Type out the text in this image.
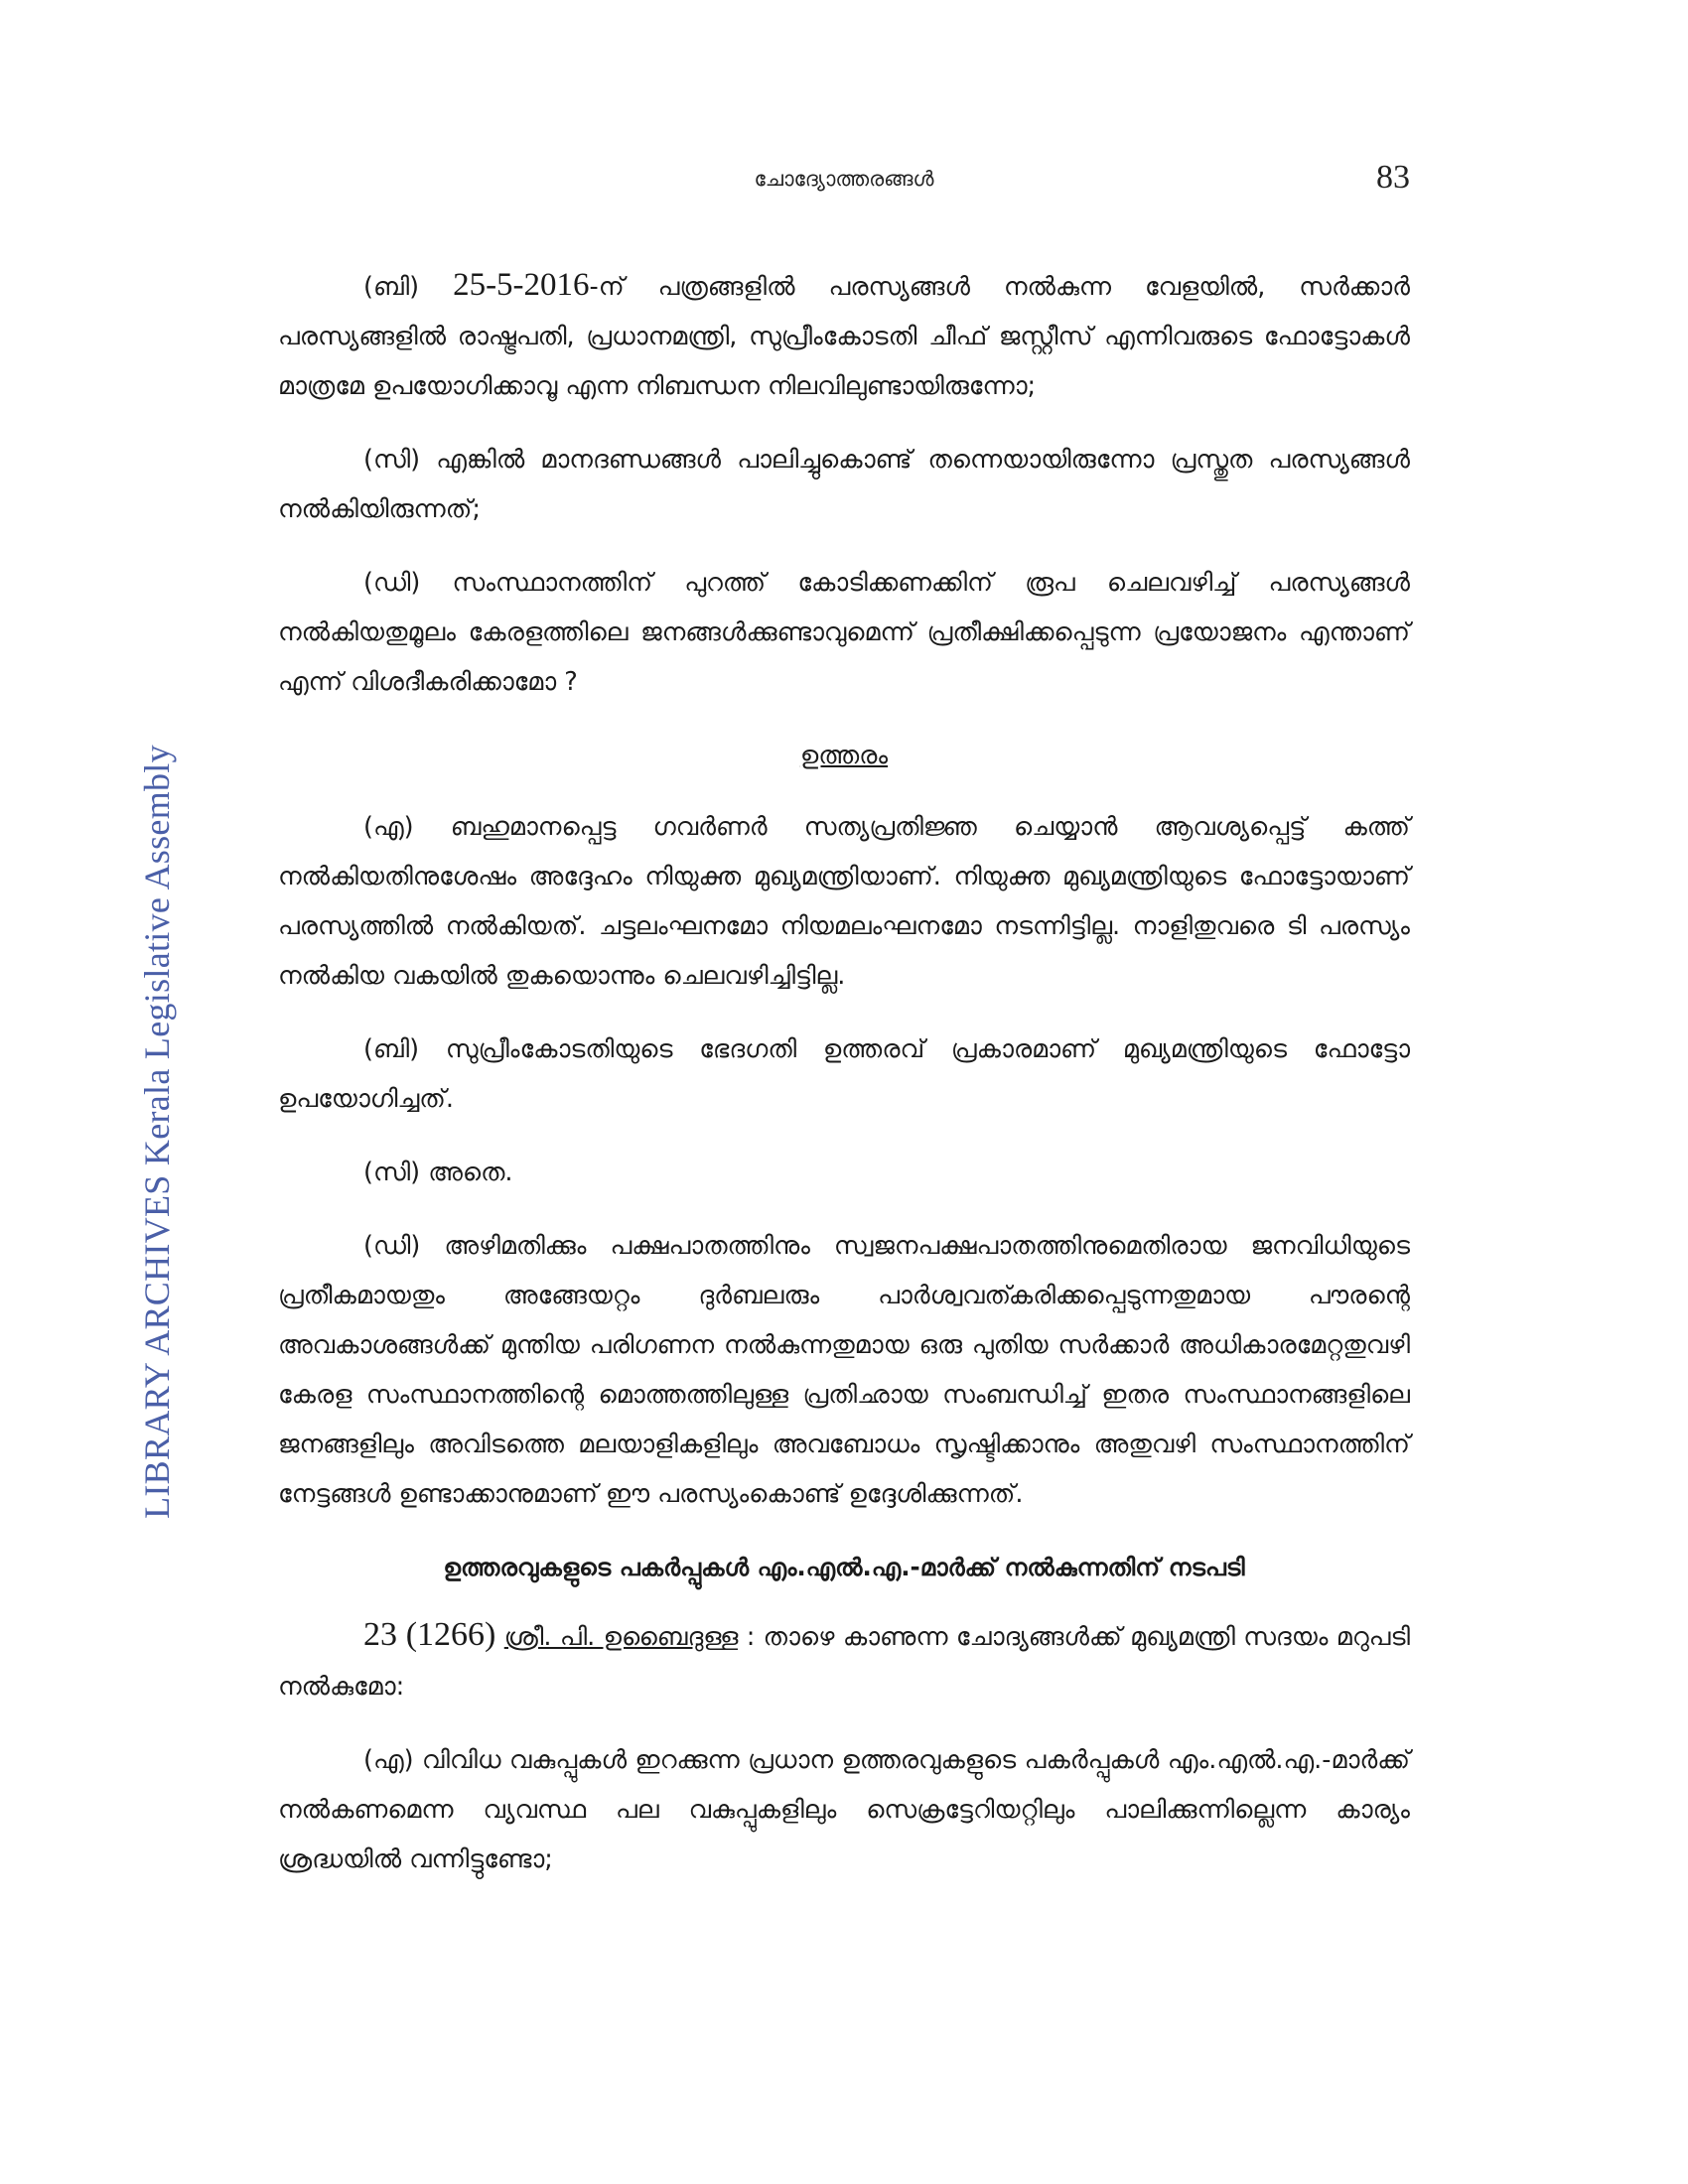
ചോദ്യോത്തരങ്ങൾ	83
LIBRARY ARCHIVES Kerala Legislative Assembly

(ബി) 25-5-2016-ന് പത്രങ്ങളിൽ പരസ്യങ്ങൾ നൽകുന്ന വേളയിൽ, സർക്കാർ പരസ്യങ്ങളിൽ രാഷ്ട്രപതി, പ്രധാനമന്ത്രി, സുപ്രീംകോടതി ചീഫ് ജസ്റ്റീസ് എന്നിവരുടെ ഫോട്ടോകൾ മാത്രമേ ഉപയോഗിക്കാവൂ എന്ന നിബന്ധന നിലവിലുണ്ടായിരുന്നോ;

(സി) എങ്കിൽ മാനദണ്ഡങ്ങൾ പാലിച്ചുകൊണ്ട് തന്നെയായിരുന്നോ പ്രസ്തുത പരസ്യങ്ങൾ നൽകിയിരുന്നത്;

(ഡി) സംസ്ഥാനത്തിന് പുറത്ത് കോടിക്കണക്കിന് രൂപ ചെലവഴിച്ച് പരസ്യങ്ങൾ നൽകിയതുമൂലം കേരളത്തിലെ ജനങ്ങൾക്കുണ്ടാവുമെന്ന് പ്രതീക്ഷിക്കപ്പെടുന്ന പ്രയോജനം എന്താണ് എന്ന് വിശദീകരിക്കാമോ ?

ഉത്തരം

(എ) ബഹുമാനപ്പെട്ട ഗവർണർ സത്യപ്രതിജ്ഞ ചെയ്യാൻ ആവശ്യപ്പെട്ട് കത്ത് നൽകിയതിനുശേഷം അദ്ദേഹം നിയുക്ത മുഖ്യമന്ത്രിയാണ്. നിയുക്ത മുഖ്യമന്ത്രിയുടെ ഫോട്ടോയാണ് പരസ്യത്തിൽ നൽകിയത്. ചട്ടലംഘനമോ നിയമലംഘനമോ നടന്നിട്ടില്ല. നാളിതുവരെ ടി പരസ്യം നൽകിയ വകയിൽ തുകയൊന്നും ചെലവഴിച്ചിട്ടില്ല.

(ബി) സുപ്രീംകോടതിയുടെ ഭേദഗതി ഉത്തരവ് പ്രകാരമാണ് മുഖ്യമന്ത്രിയുടെ ഫോട്ടോ ഉപയോഗിച്ചത്.

(സി) അതെ.

(ഡി) അഴിമതിക്കും പക്ഷപാതത്തിനും സ്വജനപക്ഷപാതത്തിനുമെതിരായ ജനവിധിയുടെ പ്രതീകമായതും അങ്ങേയറ്റം ദുർബലരും പാർശ്വവത്കരിക്കപ്പെടുന്നതുമായ പൗരന്റെ അവകാശങ്ങൾക്ക് മുന്തിയ പരിഗണന നൽകുന്നതുമായ ഒരു പുതിയ സർക്കാർ അധികാരമേറ്റതുവഴി കേരള സംസ്ഥാനത്തിന്റെ മൊത്തത്തിലുള്ള പ്രതിഛായ സംബന്ധിച്ച് ഇതര സംസ്ഥാനങ്ങളിലെ ജനങ്ങളിലും അവിടത്തെ മലയാളികളിലും അവബോധം സൃഷ്ടിക്കാനും അതുവഴി സംസ്ഥാനത്തിന് നേട്ടങ്ങൾ ഉണ്ടാക്കാനുമാണ് ഈ പരസ്യംകൊണ്ട് ഉദ്ദേശിക്കുന്നത്.

ഉത്തരവുകളുടെ പകർപ്പുകൾ എം.എൽ.എ.-മാർക്ക് നൽകുന്നതിന് നടപടി

23 (1266) ശ്രീ. പി. ഉബൈദുള്ള : താഴെ കാണുന്ന ചോദ്യങ്ങൾക്ക് മുഖ്യമന്ത്രി സദയം മറുപടി നൽകുമോ:

(എ) വിവിധ വകുപ്പുകൾ ഇറക്കുന്ന പ്രധാന ഉത്തരവുകളുടെ പകർപ്പുകൾ എം.എൽ.എ.-മാർക്ക് നൽകണമെന്ന വ്യവസ്ഥ പല വകുപ്പുകളിലും സെക്രട്ടേറിയറ്റിലും പാലിക്കുന്നില്ലെന്ന കാര്യം ശ്രദ്ധയിൽ വന്നിട്ടുണ്ടോ;
